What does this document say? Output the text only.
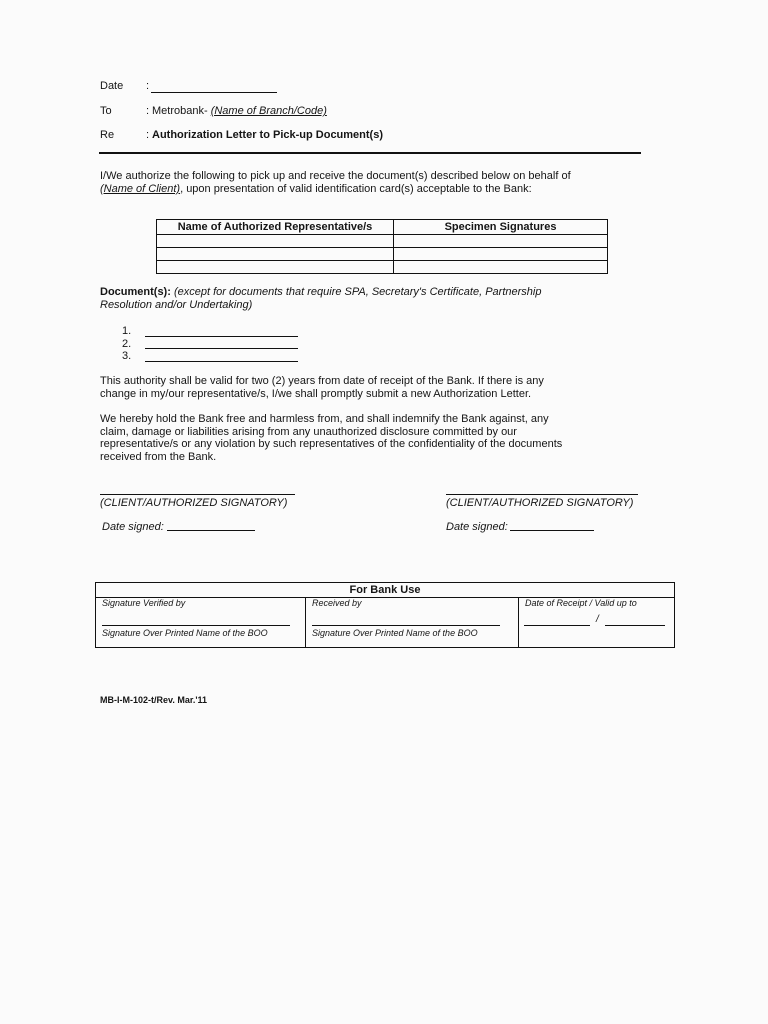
Date :
To	: Metrobank- (Name of Branch/Code)
Re	: Authorization Letter to Pick-up Document(s)
I/We authorize the following to pick up and receive the document(s) described below on behalf of
(Name of Client), upon presentation of valid identification card(s) acceptable to the Bank:
Name of Authorized Representative/s	Specimen Signatures

Document(s): (except for documents that require SPA, Secretary's Certificate, Partnership
Resolution and/or Undertaking)
1.
2.
3.
This authority shall be valid for two (2) years from date of receipt of the Bank. If there is any
change in my/our representative/s, I/we shall promptly submit a new Authorization Letter.
We hereby hold the Bank free and harmless from, and shall indemnify the Bank against, any
claim, damage or liabilities arising from any unauthorized disclosure committed by our
representative/s or any violation by such representatives of the confidentiality of the documents
received from the Bank.
(CLIENT/AUTHORIZED SIGNATORY)
Date signed:
(CLIENT/AUTHORIZED SIGNATORY)
Date signed:
For Bank Use
Signature Verified by	Received by	Date of Receipt / Valid up to
Signature Over Printed Name of the BOO	Signature Over Printed Name of the BOO
/
MB-I-M-102-t/Rev. Mar.'11
